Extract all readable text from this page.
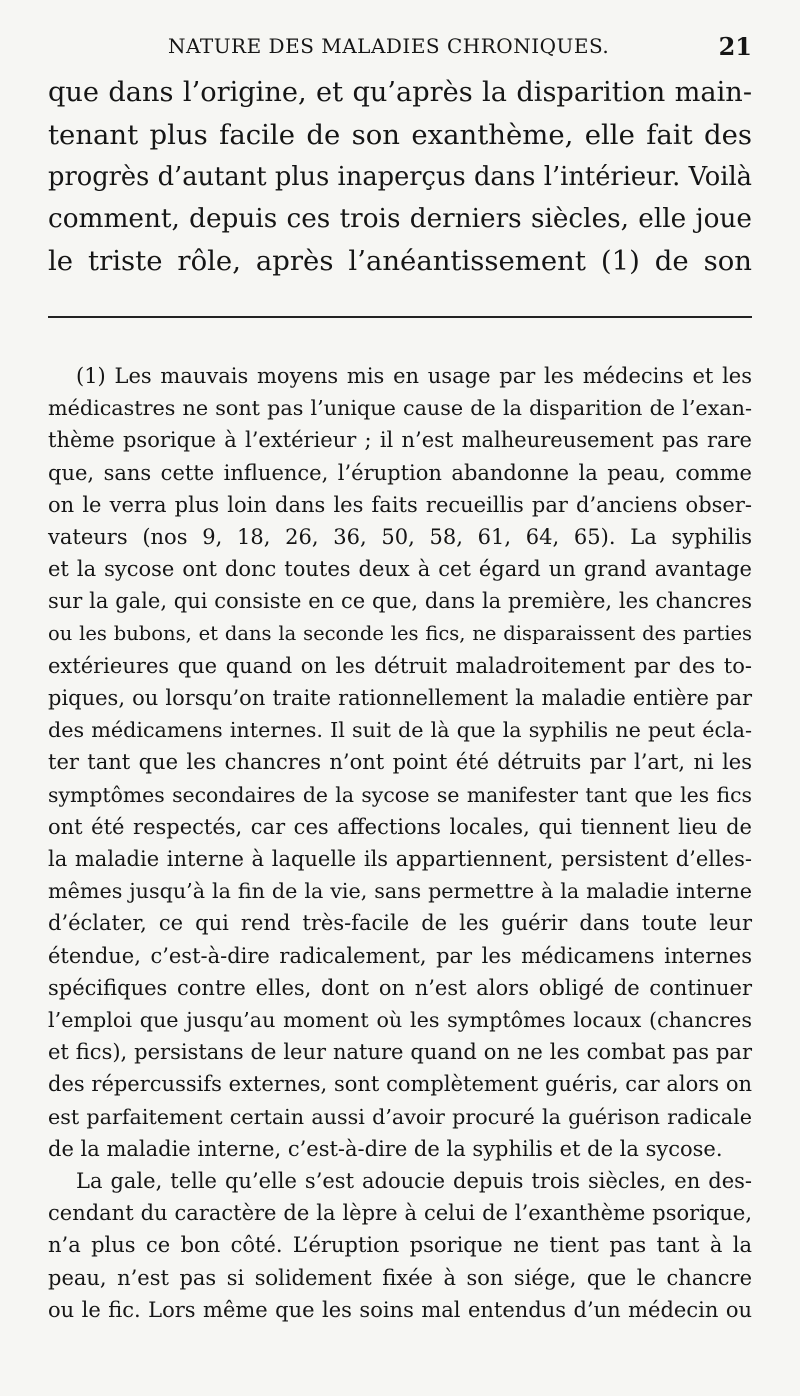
NATURE DES MALADIES CHRONIQUES.	21
que dans l’origine, et qu’après la disparition main-
tenant plus facile de son exanthème, elle fait des
progrès d’autant plus inaperçus dans l’intérieur. Voilà
comment, depuis ces trois derniers siècles, elle joue
le triste rôle, après l’anéantissement (1) de son
(1) Les mauvais moyens mis en usage par les médecins et les
médicastres ne sont pas l’unique cause de la disparition de l’exan-
thème psorique à l’extérieur ; il n’est malheureusement pas rare
que, sans cette influence, l’éruption abandonne la peau, comme
on le verra plus loin dans les faits recueillis par d’anciens obser-
vateurs (nos 9, 18, 26, 36, 50, 58, 61, 64, 65). La syphilis
et la sycose ont donc toutes deux à cet égard un grand avantage
sur la gale, qui consiste en ce que, dans la première, les chancres
ou les bubons, et dans la seconde les fics, ne disparaissent des parties
extérieures que quand on les détruit maladroitement par des to-
piques, ou lorsqu’on traite rationnellement la maladie entière par
des médicamens internes. Il suit de là que la syphilis ne peut écla-
ter tant que les chancres n’ont point été détruits par l’art, ni les
symptômes secondaires de la sycose se manifester tant que les fics
ont été respectés, car ces affections locales, qui tiennent lieu de
la maladie interne à laquelle ils appartiennent, persistent d’elles-
mêmes jusqu’à la fin de la vie, sans permettre à la maladie interne
d’éclater, ce qui rend très-facile de les guérir dans toute leur
étendue, c’est-à-dire radicalement, par les médicamens internes
spécifiques contre elles, dont on n’est alors obligé de continuer
l’emploi que jusqu’au moment où les symptômes locaux (chancres
et fics), persistans de leur nature quand on ne les combat pas par
des répercussifs externes, sont complètement guéris, car alors on
est parfaitement certain aussi d’avoir procuré la guérison radicale
de la maladie interne, c’est-à-dire de la syphilis et de la sycose.
La gale, telle qu’elle s’est adoucie depuis trois siècles, en des-
cendant du caractère de la lèpre à celui de l’exanthème psorique,
n’a plus ce bon côté. L’éruption psorique ne tient pas tant à la
peau, n’est pas si solidement fixée à son siége, que le chancre
ou le fic. Lors même que les soins mal entendus d’un médecin ou
